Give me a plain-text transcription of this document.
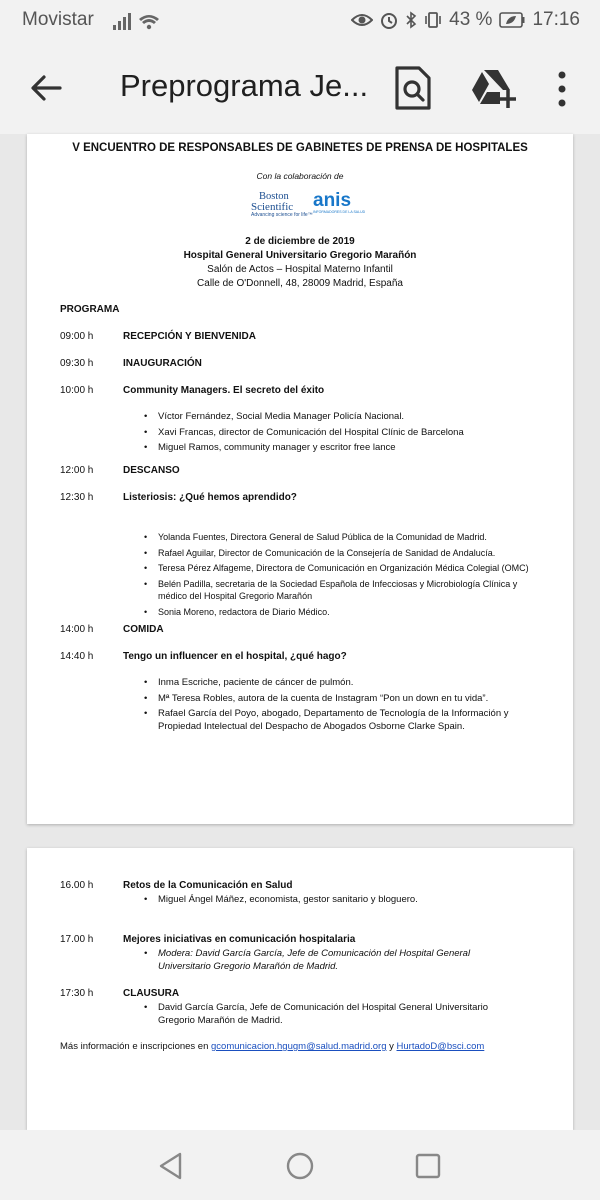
Movistar	43 % 17:16
Preprograma Je...
V ENCUENTRO DE RESPONSABLES DE GABINETES DE PRENSA DE HOSPITALES
Con la colaboración de
Boston
Scientific
Advancing science for life™
anis
INFORMADORES DE LA SALUD
2 de diciembre de 2019
Hospital General Universitario Gregorio Marañón
Salón de Actos – Hospital Materno Infantil
Calle de O'Donnell, 48, 28009 Madrid, España
PROGRAMA
09:00 h	RECEPCIÓN Y BIENVENIDA
09:30 h	INAUGURACIÓN
10:00 h	Community Managers. El secreto del éxito
• Víctor Fernández, Social Media Manager Policía Nacional.
• Xavi Francas, director de Comunicación del Hospital Clínic de Barcelona
• Miguel Ramos, community manager y escritor free lance
12:00 h	DESCANSO
12:30 h	Listeriosis: ¿Qué hemos aprendido?
• Yolanda Fuentes, Directora General de Salud Pública de la Comunidad de Madrid.
• Rafael Aguilar, Director de Comunicación de la Consejería de Sanidad de Andalucía.
• Teresa Pérez Alfageme, Directora de Comunicación en Organización Médica Colegial (OMC)
• Belén Padilla, secretaria de la Sociedad Española de Infecciosas y Microbiología Clínica y médico del Hospital Gregorio Marañón
• Sonia Moreno, redactora de Diario Médico.
14:00 h	COMIDA
14:40 h	Tengo un influencer en el hospital, ¿qué hago?
• Inma Escriche, paciente de cáncer de pulmón.
• Mª Teresa Robles, autora de la cuenta de Instagram “Pon un down en tu vida”.
• Rafael García del Poyo, abogado, Departamento de Tecnología de la Información y Propiedad Intelectual del Despacho de Abogados Osborne Clarke Spain.
16.00 h	Retos de la Comunicación en Salud
• Miguel Ángel Máñez, economista, gestor sanitario y bloguero.
17.00 h	Mejores iniciativas en comunicación hospitalaria
• Modera: David García García, Jefe de Comunicación del Hospital General Universitario Gregorio Marañón de Madrid.
17:30 h	CLAUSURA
• David García García, Jefe de Comunicación del Hospital General Universitario Gregorio Marañón de Madrid.
Más información e inscripciones en gcomunicacion.hgugm@salud.madrid.org y HurtadoD@bsci.com
